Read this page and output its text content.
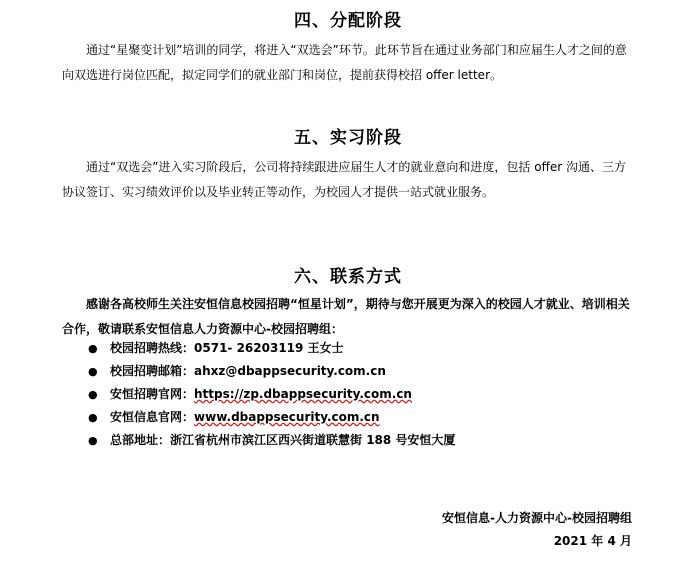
四、分配阶段
通过“星聚变计划”培训的同学，将进入“双选会”环节。此环节旨在通过业务部门和应届生人才之间的意向双选进行岗位匹配，拟定同学们的就业部门和岗位，提前获得校招 offer letter。
五、实习阶段
通过“双选会”进入实习阶段后，公司将持续跟进应届生人才的就业意向和进度，包括 offer 沟通、三方协议签订、实习绩效评价以及毕业转正等动作，为校园人才提供一站式就业服务。
六、联系方式
感谢各高校师生关注安恒信息校园招聘“恒星计划”，期待与您开展更为深入的校园人才就业、培训相关合作，敬请联系安恒信息人力资源中心-校园招聘组：
● 校园招聘热线：0571- 26203119 王女士
● 校园招聘邮箱：ahxz@dbappsecurity.com.cn
● 安恒招聘官网：https://zp.dbappsecurity.com.cn
● 安恒信息官网：www.dbappsecurity.com.cn
● 总部地址：浙江省杭州市滨江区西兴街道联慧街 188 号安恒大厦
安恒信息-人力资源中心-校园招聘组
2021 年 4 月
